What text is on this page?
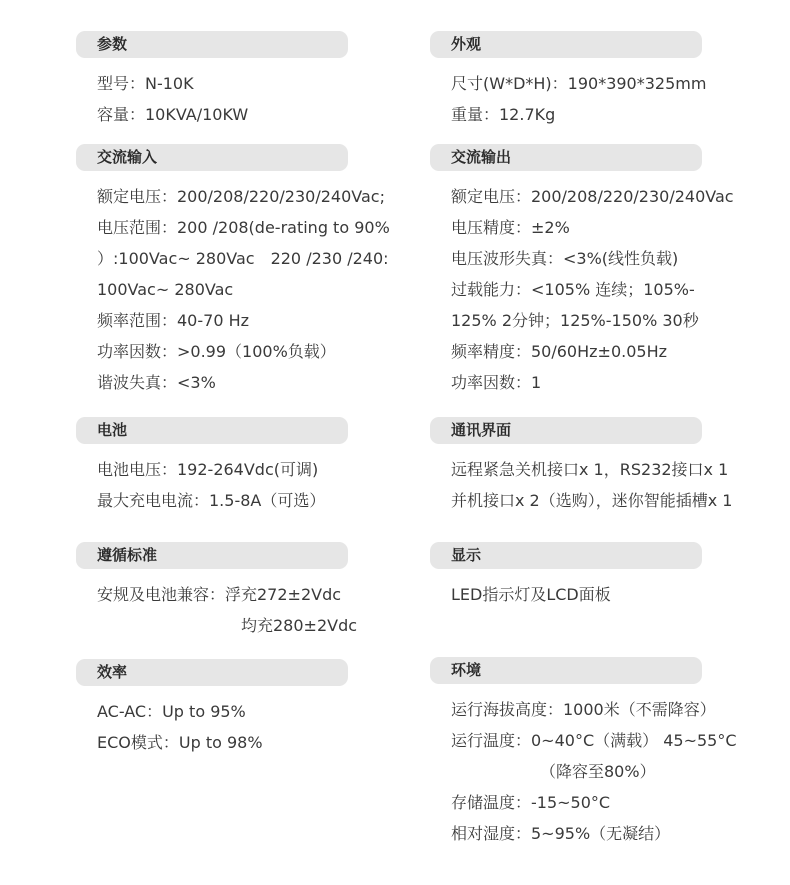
参数
型号：N-10K
容量：10KVA/10KW
交流输入
额定电压：200/208/220/230/240Vac;
电压范围：200 /208(de-rating to 90%
）:100Vac~ 280Vac　220 /230 /240:
100Vac~ 280Vac
频率范围：40-70 Hz
功率因数：>0.99（100%负载）
谐波失真：<3%
电池
电池电压：192-264Vdc(可调)
最大充电电流：1.5-8A（可选）
遵循标准
安规及电池兼容：浮充272±2Vdc
均充280±2Vdc
效率
AC-AC：Up to 95%
ECO模式：Up to 98%
外观
尺寸(W*D*H)：190*390*325mm
重量：12.7Kg
交流输出
额定电压：200/208/220/230/240Vac
电压精度：±2%
电压波形失真：<3%(线性负载)
过载能力：<105% 连续；105%-
125% 2分钟；125%-150% 30秒
频率精度：50/60Hz±0.05Hz
功率因数：1
通讯界面
远程紧急关机接口x 1，RS232接口x 1
并机接口x 2（选购），迷你智能插槽x 1
显示
LED指示灯及LCD面板
环境
运行海拔高度：1000米（不需降容）
运行温度：0~40°C（满载） 45~55°C
（降容至80%）
存储温度：-15~50°C
相对湿度：5~95%（无凝结）
